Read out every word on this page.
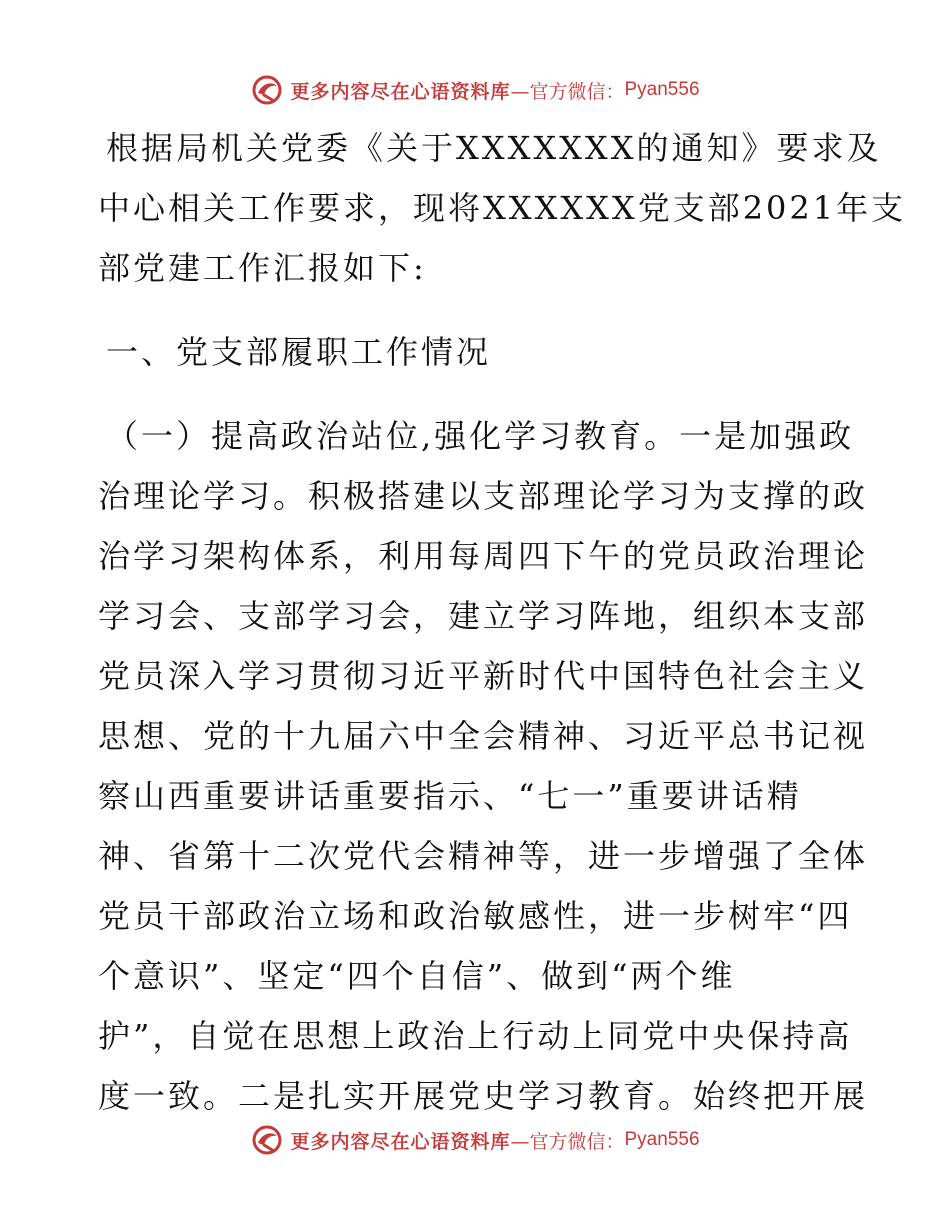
更多内容尽在心语资料库 —官方微信： Pyan556
根据局机关党委《关于XXXXXXX的通知》要求及
中心相关工作要求，现将XXXXXX党支部2021年支
部党建工作汇报如下:
一、党支部履职工作情况
（一）提高政治站位,强化学习教育。一是加强政
治理论学习。积极搭建以支部理论学习为支撑的政
治学习架构体系，利用每周四下午的党员政治理论
学习会、支部学习会，建立学习阵地，组织本支部
党员深入学习贯彻习近平新时代中国特色社会主义
思想、党的十九届六中全会精神、习近平总书记视
察山西重要讲话重要指示、“七一”重要讲话精
神、省第十二次党代会精神等，进一步增强了全体
党员干部政治立场和政治敏感性，进一步树牢“四
个意识”、坚定“四个自信”、做到“两个维
护”，自觉在思想上政治上行动上同党中央保持高
度一致。二是扎实开展党史学习教育。始终把开展
更多内容尽在心语资料库 —官方微信： Pyan556
